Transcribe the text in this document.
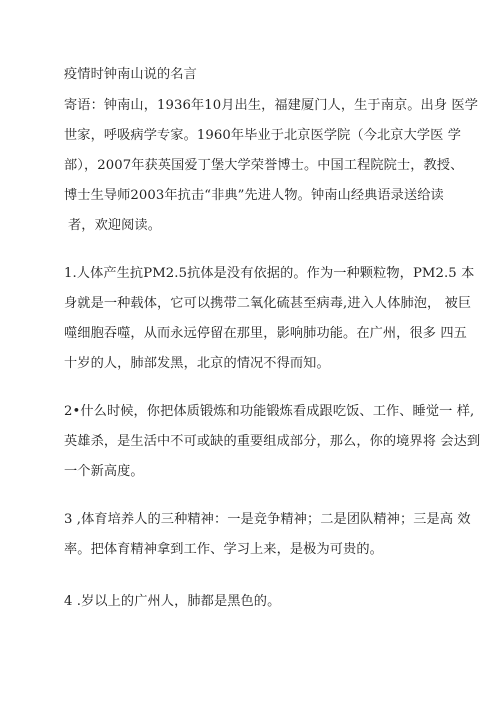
疫情时钟南山说的名言
寄语：钟南山，1936年10月出生，福建厦门人，生于南京。出身 医学
世家，呼吸病学专家。1960年毕业于北京医学院（今北京大学医 学
部），2007年获英国爱丁堡大学荣誉博士。中国工程院院士，教授、
博士生导师2003年抗击“非典”先进人物。钟南山经典语录送给读
者，欢迎阅读。
1.人体产生抗PM2.5抗体是没有依据的。作为一种颗粒物，PM2.5 本
身就是一种载体，它可以携带二氧化硫甚至病毒,进入人体肺泡， 被巨
噬细胞吞噬，从而永远停留在那里，影响肺功能。在广州，很多 四五
十岁的人，肺部发黑，北京的情况不得而知。
2•什么时候，你把体质锻炼和功能锻炼看成跟吃饭、工作、睡觉一 样,
英雄杀，是生活中不可或缺的重要组成部分，那么，你的境界将 会达到
一个新高度。
3 ,体育培养人的三种精神：一是竞争精神；二是团队精神；三是高 效
率。把体育精神拿到工作、学习上来，是极为可贵的。
4 .岁以上的广州人，肺都是黑色的。
